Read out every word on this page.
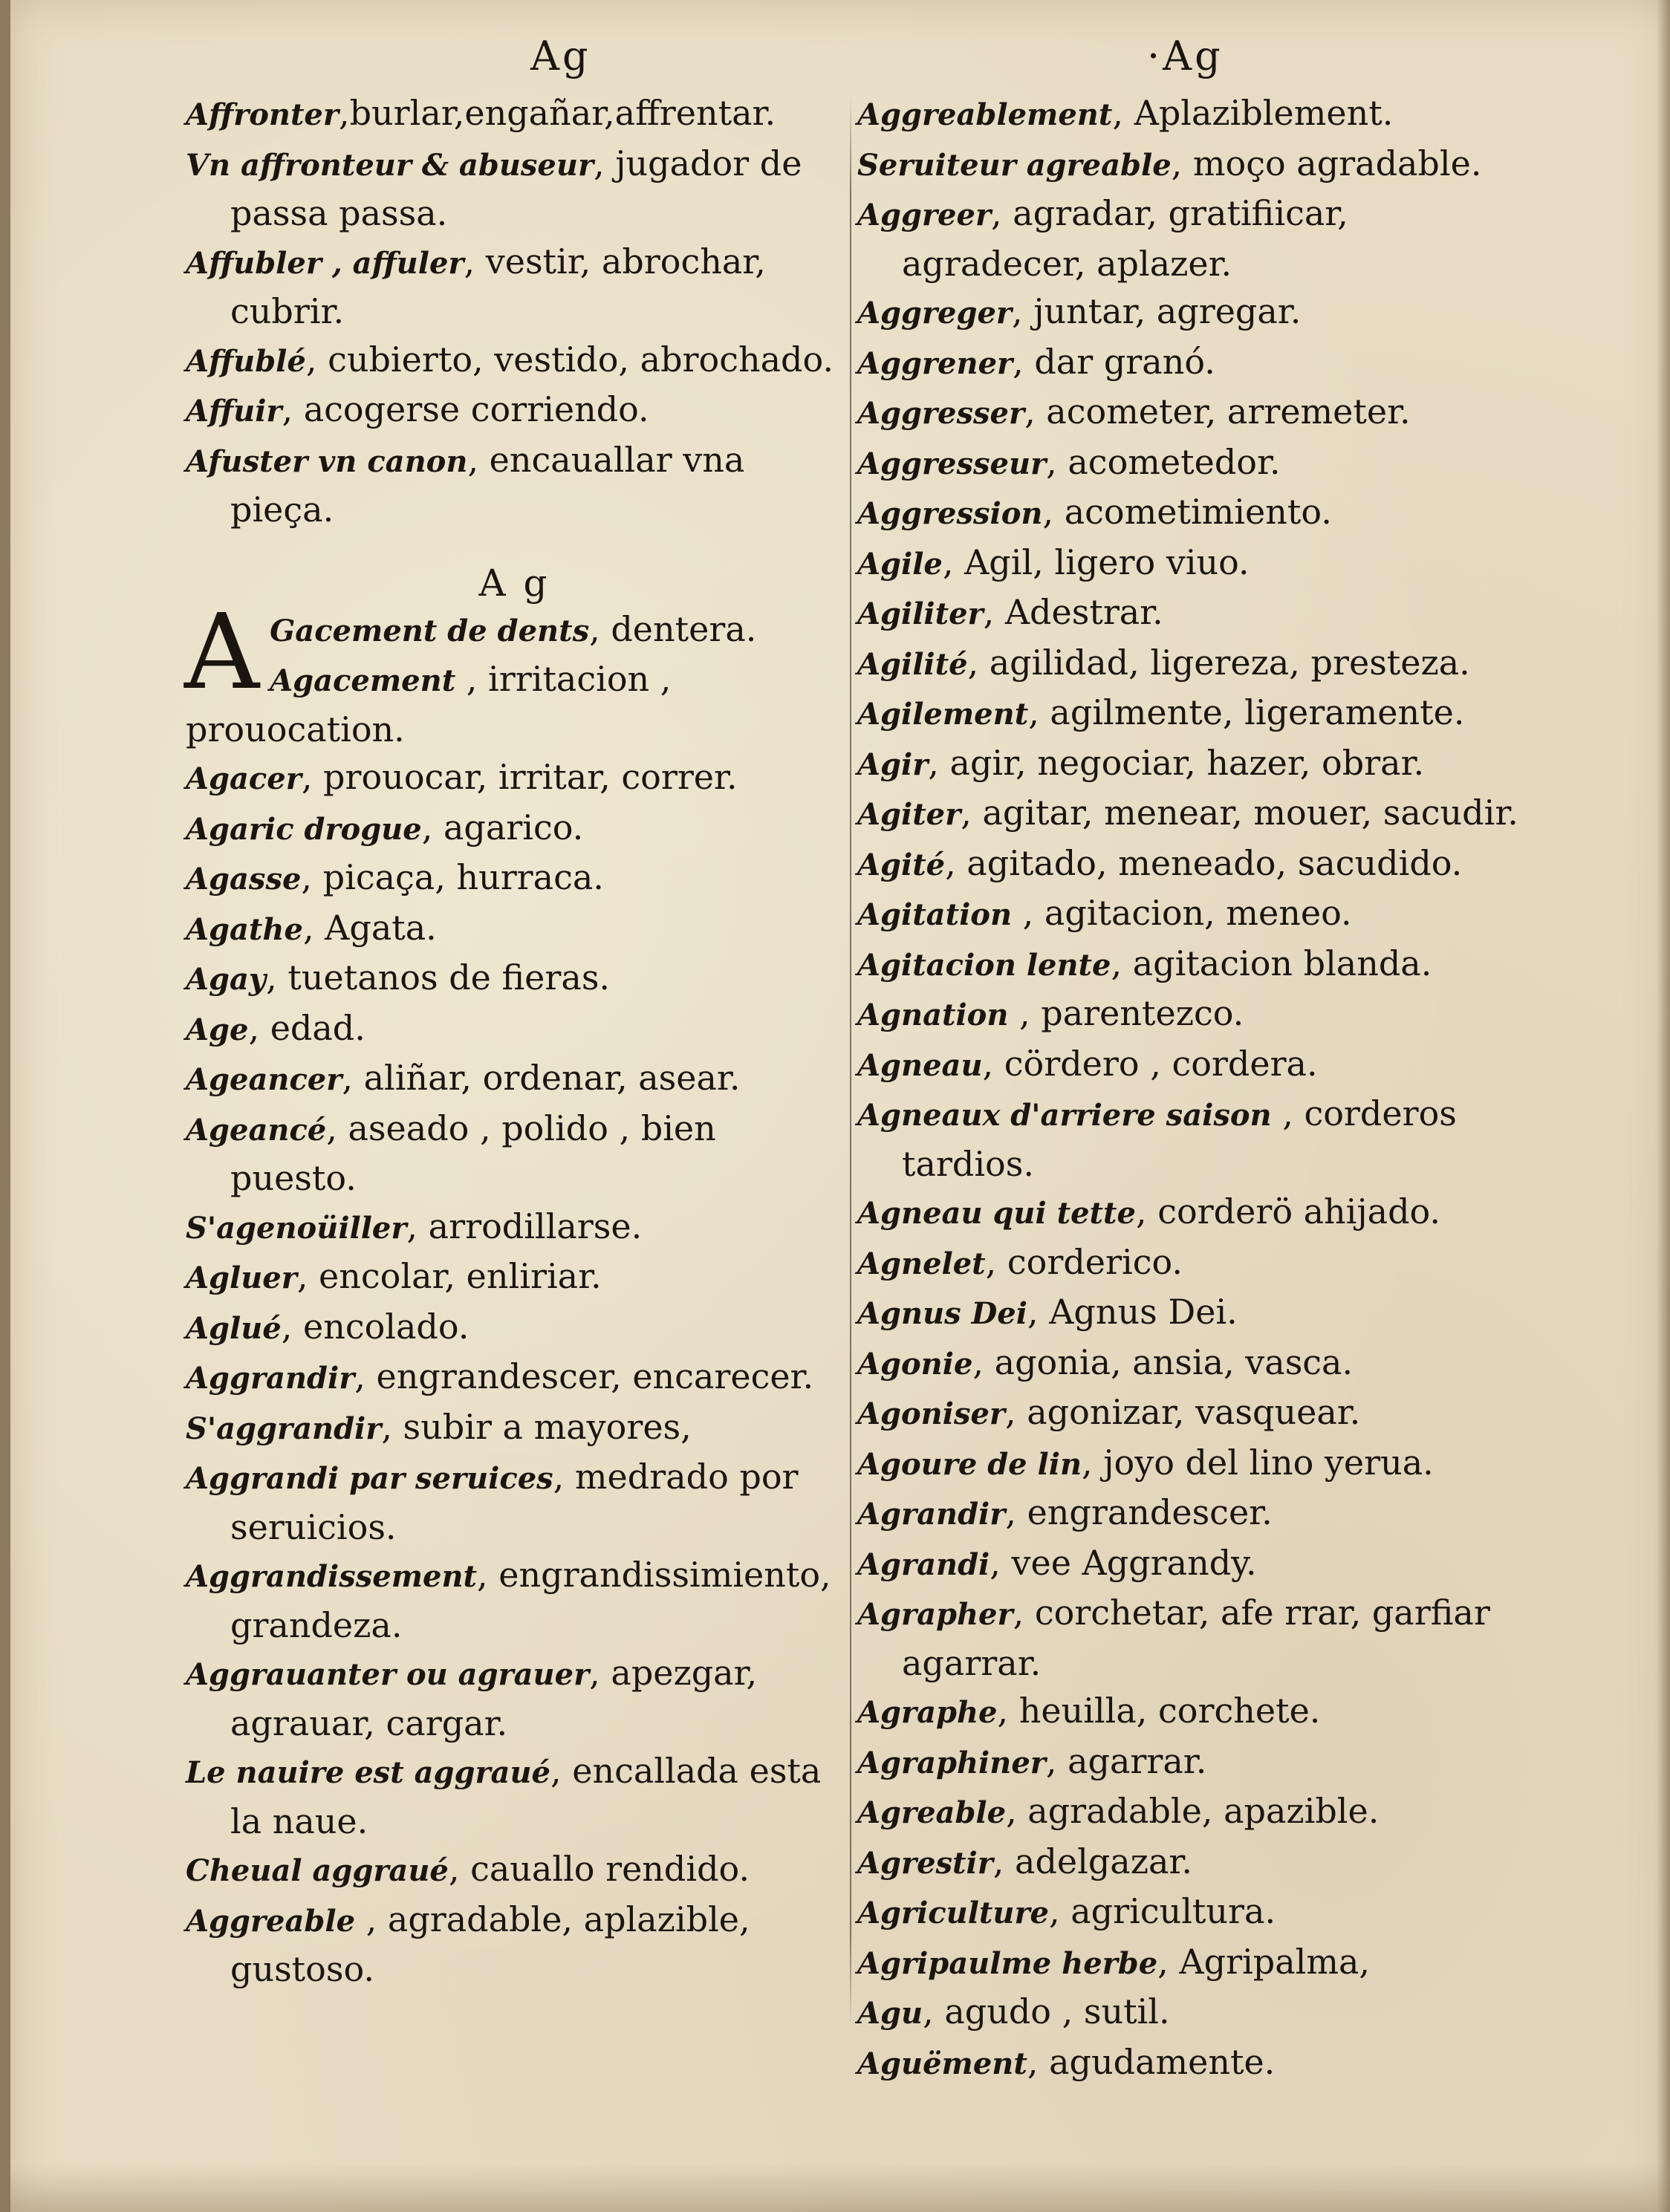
Ag	·Ag

Affronter,burlar,engañar,affrentar.

Vn affronteur & abuseur, jugador de passa passa.

Affubler , affuler, vestir, abrochar, cubrir.

Affublé, cubierto, vestido, abrochado.

Affuir, acogerse corriendo.

Afuster vn canon, encauallar vna pieça.

A g
A Gacement de dents, dentera.

Agacement , irritacion , prouocation.

Agacer, prouocar, irritar, correr.

Agaric drogue, agarico.

Agasse, picaça, hurraca.

Agathe, Agata.

Agay, tuetanos de fieras.

Age, edad.

Ageancer, aliñar, ordenar, asear.

Ageancé, aseado , polido , bien puesto.

S'agenoüiller, arrodillarse.

Agluer, encolar, enliriar.

Aglué, encolado.

Aggrandir, engrandescer, encarecer.

S'aggrandir, subir a mayores,

Aggrandi par seruices, medrado por seruicios.

Aggrandissement, engrandissimiento, grandeza.

Aggrauanter ou agrauer, apezgar, agrauar, cargar.

Le nauire est aggraué, encallada esta la naue.

Cheual aggraué, cauallo rendido.

Aggreable , agradable, aplazible, gustoso.

Aggreablement, Aplaziblement.

Seruiteur agreable, moço agradable.

Aggreer, agradar, gratifiicar, agradecer, aplazer.

Aggreger, juntar, agregar.

Aggrener, dar granó.

Aggresser, acometer, arremeter.

Aggresseur, acometedor.

Aggression, acometimiento.

Agile, Agil, ligero viuo.

Agiliter, Adestrar.

Agilité, agilidad, ligereza, presteza.

Agilement, agilmente, ligeramente.

Agir, agir, negociar, hazer, obrar.

Agiter, agitar, menear, mouer, sacudir.

Agité, agitado, meneado, sacudido.

Agitation , agitacion, meneo.

Agitacion lente, agitacion blanda.

Agnation , parentezco.

Agneau, cördero , cordera.

Agneaux d'arriere saison , corderos tardios.

Agneau qui tette, corderö ahijado.

Agnelet, corderico.

Agnus Dei, Agnus Dei.

Agonie, agonia, ansia, vasca.

Agoniser, agonizar, vasquear.

Agoure de lin, joyo del lino yerua.

Agrandir, engrandescer.

Agrandi, vee Aggrandy.

Agrapher, corchetar, afe rrar, garfiar agarrar.

Agraphe, heuilla, corchete.

Agraphiner, agarrar.

Agreable, agradable, apazible.

Agrestir, adelgazar.

Agriculture, agricultura.

Agripaulme herbe, Agripalma,

Agu, agudo , sutil.

Aguëment, agudamente.
